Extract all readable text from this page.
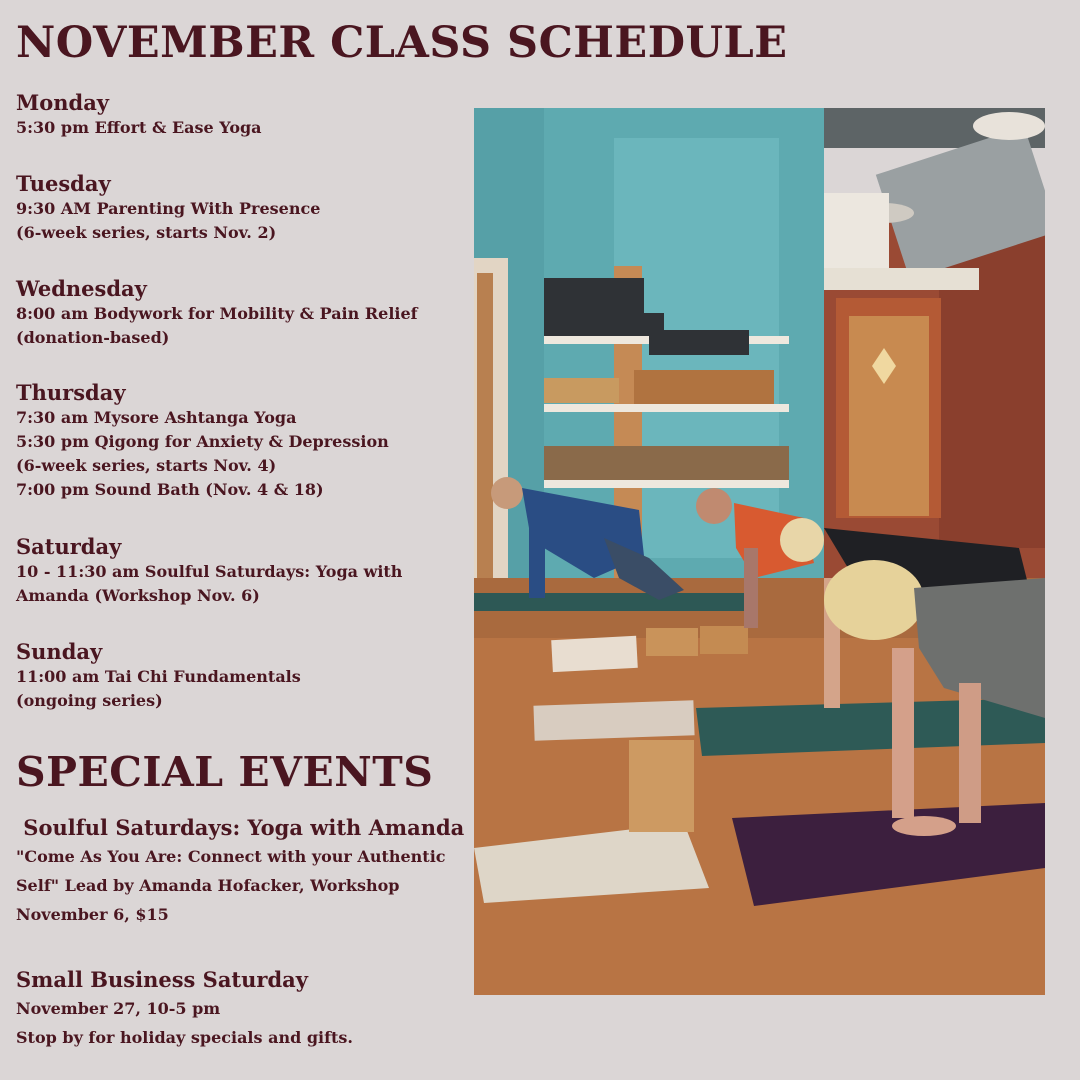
NOVEMBER CLASS SCHEDULE
Monday
5:30 pm Effort & Ease Yoga
Tuesday
9:30 AM Parenting With Presence
(6-week series, starts Nov. 2)
Wednesday
8:00 am Bodywork for Mobility & Pain Relief
(donation-based)
Thursday
7:30 am Mysore Ashtanga Yoga
5:30 pm Qigong for Anxiety & Depression
(6-week series, starts Nov. 4)
7:00 pm Sound Bath (Nov. 4 & 18)
Saturday
10 - 11:30 am Soulful Saturdays: Yoga with
Amanda (Workshop Nov. 6)
Sunday
11:00 am Tai Chi Fundamentals
(ongoing series)
SPECIAL EVENTS
Soulful Saturdays: Yoga with Amanda
"Come As You Are: Connect with your Authentic
Self" Lead by Amanda Hofacker, Workshop
November 6, $15
Small Business Saturday
November 27, 10-5 pm
Stop by for holiday specials and gifts.
